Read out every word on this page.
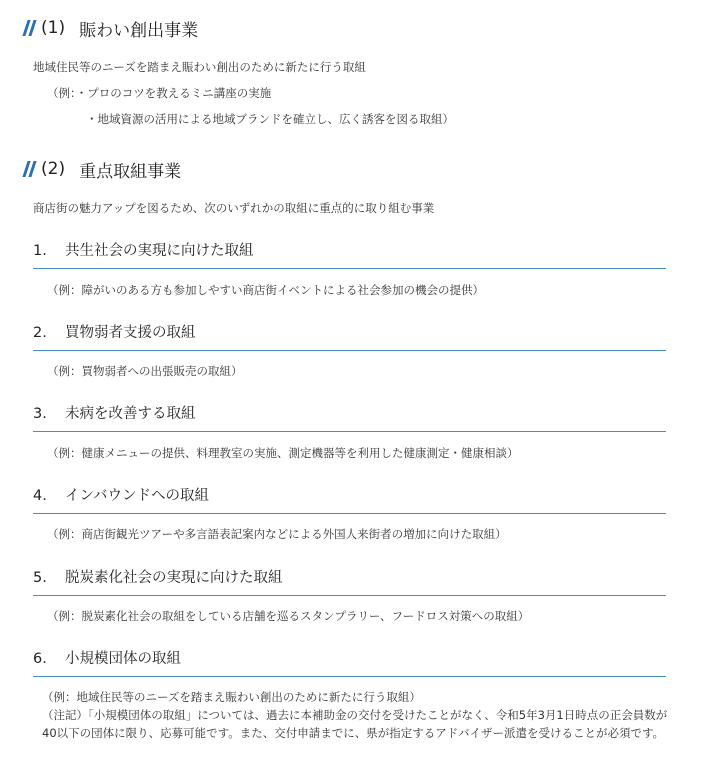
(1) 賑わい創出事業
地域住民等のニーズを踏まえ賑わい創出のために新たに行う取組
（例：・プロのコツを教えるミニ講座の実施
・地域資源の活用による地域ブランドを確立し、広く誘客を図る取組）
(2) 重点取組事業
商店街の魅力アップを図るため、次のいずれかの取組に重点的に取り組む事業
1. 共生社会の実現に向けた取組
（例：障がいのある方も参加しやすい商店街イベントによる社会参加の機会の提供）
2. 買物弱者支援の取組
（例：買物弱者への出張販売の取組）
3. 未病を改善する取組
（例：健康メニューの提供、料理教室の実施、測定機器等を利用した健康測定・健康相談）
4. インバウンドへの取組
（例：商店街観光ツアーや多言語表記案内などによる外国人来街者の増加に向けた取組）
5. 脱炭素化社会の実現に向けた取組
（例：脱炭素化社会の取組をしている店舗を巡るスタンプラリー、フードロス対策への取組）
6. 小規模団体の取組
（例：地域住民等のニーズを踏まえ賑わい創出のために新たに行う取組）
（注記）「小規模団体の取組」については、過去に本補助金の交付を受けたことがなく、令和5年3月1日時点の正会員数が40以下の団体に限り、応募可能です。また、交付申請までに、県が指定するアドバイザー派遣を受けることが必須です。
